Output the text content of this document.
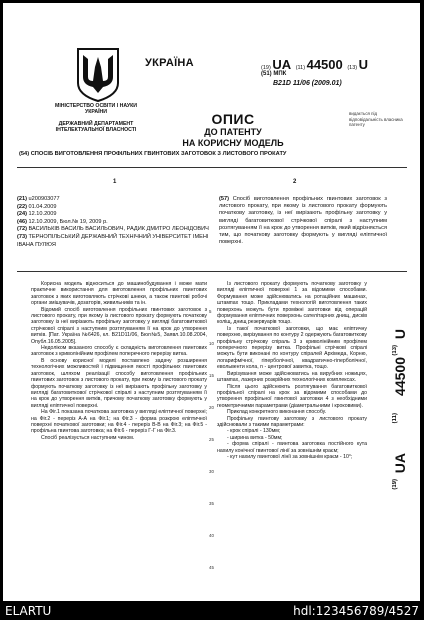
УКРАЇНА
МІНІСТЕРСТВО ОСВІТИ І НАУКИ УКРАЇНИ
ДЕРЖАВНИЙ ДЕПАРТАМЕНТ ІНТЕЛЕКТУАЛЬНОЇ ВЛАСНОСТІ
(19) UA (11) 44500 (13) U
(51) МПК
B21D 11/06 (2009.01)
ОПИС
ДО ПАТЕНТУ
НА КОРИСНУ МОДЕЛЬ
видається під відповідальність власника патенту
(54) СПОСІБ ВИГОТОВЛЕННЯ ПРОФІЛЬНИХ ГВИНТОВИХ ЗАГОТОВОК З ЛИСТОВОГО ПРОКАТУ
1	2
(21) u200903077
(22) 01.04.2009
(24) 12.10.2009
(46) 12.10.2009, Бюл.№ 19, 2009 р.
(72) ВАСИЛЬКІВ ВАСИЛЬ ВАСИЛЬОВИЧ, РАДИК ДМИТРО ЛЕОНІДОВИЧ
(73) ТЕРНОПІЛЬСЬКИЙ ДЕРЖАВНИЙ ТЕХНІЧНИЙ УНІВЕРСИТЕТ ІМЕНІ ІВАНА ПУЛЮЯ
(57) Спосіб виготовлення профільних гвинтових заготовок з листового прокату, при якому із листового прокату формують початкову заготовку, із неї вирізають профільну заготовку у вигляді багатовиткової стрічкової спіралі з наступним розтягуванням її на крок до утворення витків, який відрізняється тим, що початкову заготовку формують у вигляді еліптичної поверхні.

Корисна модель відноситься до машинобудування і може мати практичне використання для виготовлення профільних гвинтових заготовок з яких виготовляють стрічкові шнеки, а також гвинтові робочі органи змішувачів, дозаторів, живильників та ін.

Відомий спосіб виготовлення профільних гвинтових заготовок з листового прокату, при якому із листового прокату формують початкову заготовку із неї вирізають профільну заготовку у вигляді багатовиткової стрічкової спіралі з наступним розтягуванням її на крок до утворення витків. [Пат. Україна №6426, кл. B21D11/06, Бюл№5, Заявл.10.08.2004, Опубл.16.05.2005].

Недоліком вказаного способу є складність виготовлення гвинтових заготовок з криволінійним профілем поперечного перерізу витка.

В основу корисної моделі поставлено задачу розширення технологічних можливостей і підвищення якості профільних гвинтових заготовок, шляхом реалізації способу виготовлення профільних гвинтових заготовок з листового прокату, при якому із листового прокату формують початкову заготовку із неї вирізають профільну заготовку у вигляді багатовиткової стрічкової спіралі з наступним розтягуванням її на крок до утворення витків, причому початкову заготовку формують у вигляді еліптичної поверхні.

На Фіг.1 показана початкова заготовка у вигляді еліптичної поверхні; на Фіг.2 - переріз А-А на Фіг.1; на Фіг.3 - форма розкрою еліптичної поверхні початкової заготовки; на Фіг.4 - переріз В-В на Фіг.3; на Фіг.5 - профільна гвинтова заготовка; на Фіг.6 - переріз Г-Г на Фіг.3.

Спосіб реалізується наступним чином.

5
10
15
20
25
30
35
40
45

Із листового прокату формують початкову заготовку у вигляді еліптичної поверхні 1 за відомими способами. Формування може здійснюватись на ротаційних машинах, штампах тощо. Прикладами технологій виготовлення таких поверхонь можуть бути проміжні заготовки від операцій формування еліптичних поверхонь сателітарних днищ, дисків коліщ, днищ резервуарів тощо.

Із такої початкової заготовки, що має еліптичну поверхню, вирізування по контуру 2 одержують багатовиткову профільну стрічкову спіраль 3 з криволінійним профілем поперечного перерізу витка. Профільні стрічкові спіралі можуть бути виконані по контуру спіралей Архімеда, Корню, логарифмічної, гіперболічної, квадратично-гіперболічної, евольвенти кола, n - центрової завитка, тощо.

Вирізування може здійснюватись на вирубних ножицях, штампах, лазерних розкрійних технологічних комплексах.

Після цього здійснюють розтягування багатовиткової профільної спіралі на крок за відомими способами до утворення профільної гвинтової заготовки 4 з необхідними геометричними параметрами (діаметральними і кроковими).

Приклад конкретного виконання способу.

Профільну гвинтову заготовку з листового прокату здійснювали з такими параметрами:

- крок спіралі - 130мм;

- ширина витка - 50мм;

- форма спіралі - гвинтова заготовка постійного кута нахилу конічної гвинтової лінії за зовнішнім краєм;

- кут нахилу гвинтової лінії за зовнішнім краєм - 10°;

(13)
U
(11)
44500
(19)
UA
ELARTU	hdl:123456789/4527
